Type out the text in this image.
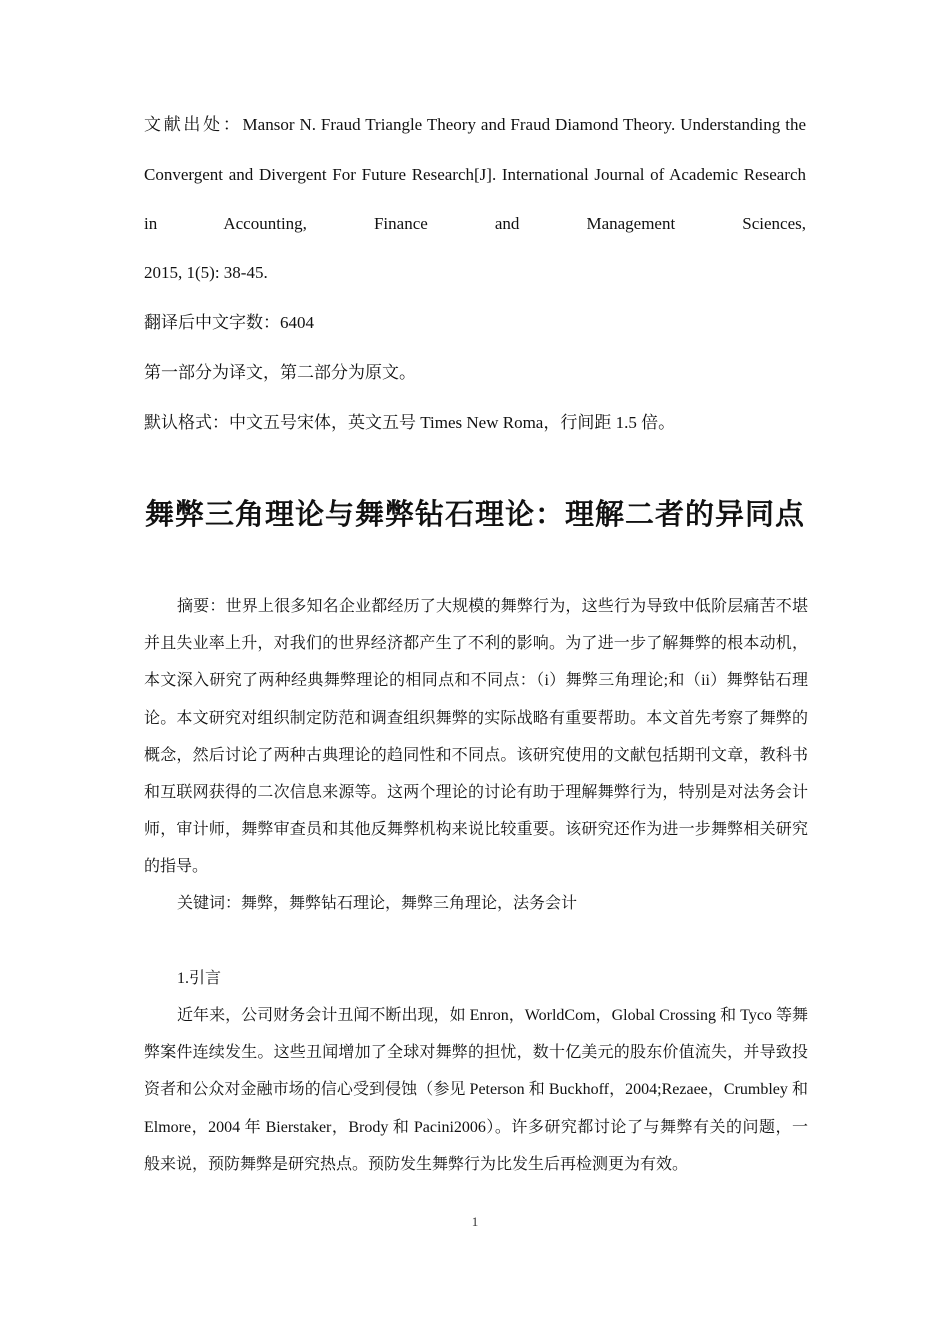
文献出处：Mansor N. Fraud Triangle Theory and Fraud Diamond Theory. Understanding the Convergent and Divergent For Future Research[J]. International Journal of Academic Research in Accounting, Finance and Management Sciences,
2015, 1(5): 38-45.
翻译后中文字数：6404
第一部分为译文，第二部分为原文。
默认格式：中文五号宋体，英文五号 Times New Roma，行间距 1.5 倍。
舞弊三角理论与舞弊钻石理论：理解二者的异同点

摘要：世界上很多知名企业都经历了大规模的舞弊行为，这些行为导致中低阶层痛苦不堪并且失业率上升，对我们的世界经济都产生了不利的影响。为了进一步了解舞弊的根本动机，本文深入研究了两种经典舞弊理论的相同点和不同点：（i）舞弊三角理论;和（ii）舞弊钻石理论。本文研究对组织制定防范和调查组织舞弊的实际战略有重要帮助。本文首先考察了舞弊的概念，然后讨论了两种古典理论的趋同性和不同点。该研究使用的文献包括期刊文章，教科书和互联网获得的二次信息来源等。这两个理论的讨论有助于理解舞弊行为，特别是对法务会计师，审计师，舞弊审查员和其他反舞弊机构来说比较重要。该研究还作为进一步舞弊相关研究的指导。

关键词：舞弊，舞弊钻石理论，舞弊三角理论，法务会计

1.引言

近年来，公司财务会计丑闻不断出现，如 Enron，WorldCom，Global Crossing 和 Tyco 等舞弊案件连续发生。这些丑闻增加了全球对舞弊的担忧，数十亿美元的股东价值流失，并导致投资者和公众对金融市场的信心受到侵蚀（参见 Peterson 和 Buckhoff，2004;Rezaee，Crumbley 和 Elmore，2004 年 Bierstaker，Brody 和 Pacini2006）。许多研究都讨论了与舞弊有关的问题，一般来说，预防舞弊是研究热点。预防发生舞弊行为比发生后再检测更为有效。

1
